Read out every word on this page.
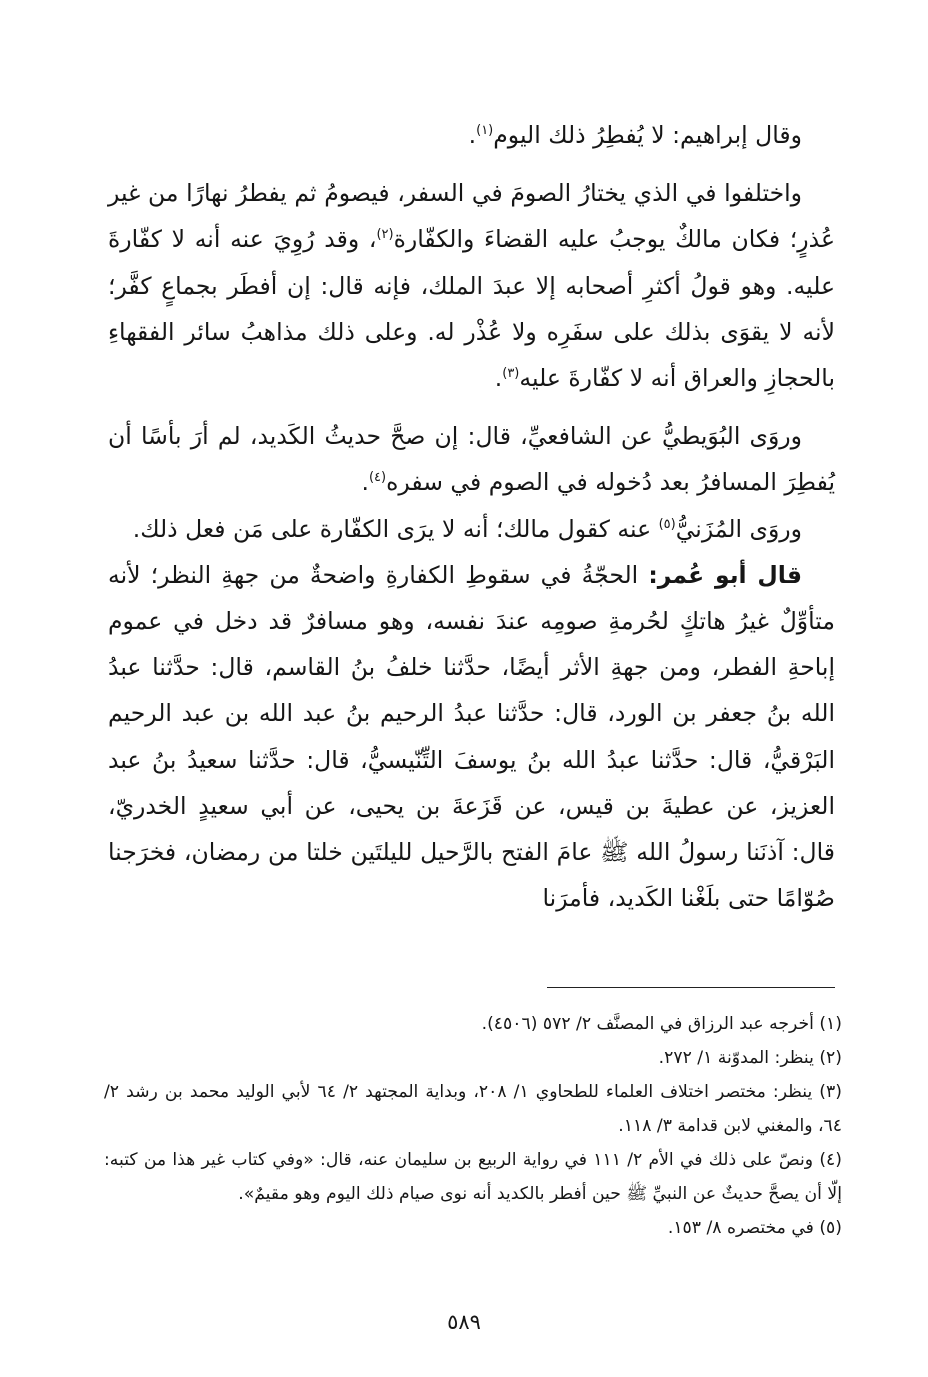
وقال إبراهيم: لا يُفطِرُ ذلك اليوم$^{(١)}$.

واختلفوا في الذي يختارُ الصومَ في السفر، فيصومُ ثم يفطرُ نهارًا من غير عُذرٍ؛ فكان مالكٌ يوجبُ عليه القضاءَ والكفّارة$^{(٢)}$، وقد رُوِيَ عنه أنه لا كفّارةَ عليه. وهو قولُ أكثرِ أصحابه إلا عبدَ الملك، فإنه قال: إن أفطَر بجماعٍ كفَّر؛ لأنه لا يقوَى بذلك على سفَرِه ولا عُذْر له. وعلى ذلك مذاهبُ سائر الفقهاءِ بالحجازِ والعراق أنه لا كفّارةَ عليه$^{(٣)}$.

وروَى البُوَيطيُّ عن الشافعيِّ، قال: إن صحَّ حديثُ الكَديد، لم أرَ بأسًا أن يُفطِرَ المسافرُ بعد دُخوله في الصوم في سفره$^{(٤)}$.

وروَى المُزَنيُّ$^{(٥)}$ عنه كقول مالك؛ أنه لا يرَى الكفّارة على مَن فعل ذلك.

قال أبو عُمر: الحجّةُ في سقوطِ الكفارةِ واضحةٌ من جهةِ النظر؛ لأنه متأوِّلٌ غيرُ هاتكٍ لحُرمةِ صومِه عندَ نفسه، وهو مسافرٌ قد دخل في عموم إباحةِ الفطر، ومن جهةِ الأثر أيضًا، حدَّثنا خلفُ بنُ القاسم، قال: حدَّثنا عبدُ الله بنُ جعفر بن الورد، قال: حدَّثنا عبدُ الرحيم بنُ عبد الله بن عبد الرحيم البَرْقيُّ، قال: حدَّثنا عبدُ الله بنُ يوسفَ التِّنّيسيُّ، قال: حدَّثنا سعيدُ بنُ عبد العزيز، عن عطيةَ بن قيس، عن قَزَعةَ بن يحيى، عن أبي سعيدٍ الخدريّ، قال: آذنَنا رسولُ الله ﷺ عامَ الفتح بالرَّحيل لليلتَين خلتا من رمضان، فخرَجنا صُوّامًا حتى بلَغْنا الكَديد، فأمرَنا

(١) أخرجه عبد الرزاق في المصنَّف ٢/ ٥٧٢ (٤٥٠٦).

(٢) ينظر: المدوّنة ١/ ٢٧٢.

(٣) ينظر: مختصر اختلاف العلماء للطحاوي ١/ ٢٠٨، وبداية المجتهد ٢/ ٦٤ لأبي الوليد محمد بن رشد ٢/ ٦٤، والمغني لابن قدامة ٣/ ١١٨.

(٤) ونصّ على ذلك في الأم ٢/ ١١١ في رواية الربيع بن سليمان عنه، قال: «وفي كتاب غير هذا من كتبه: إلّا أن يصحَّ حديثٌ عن النبيِّ ﷺ حين أفطر بالكديد أنه نوى صيام ذلك اليوم وهو مقيمٌ».

(٥) في مختصره ٨/ ١٥٣.

٥٨٩
